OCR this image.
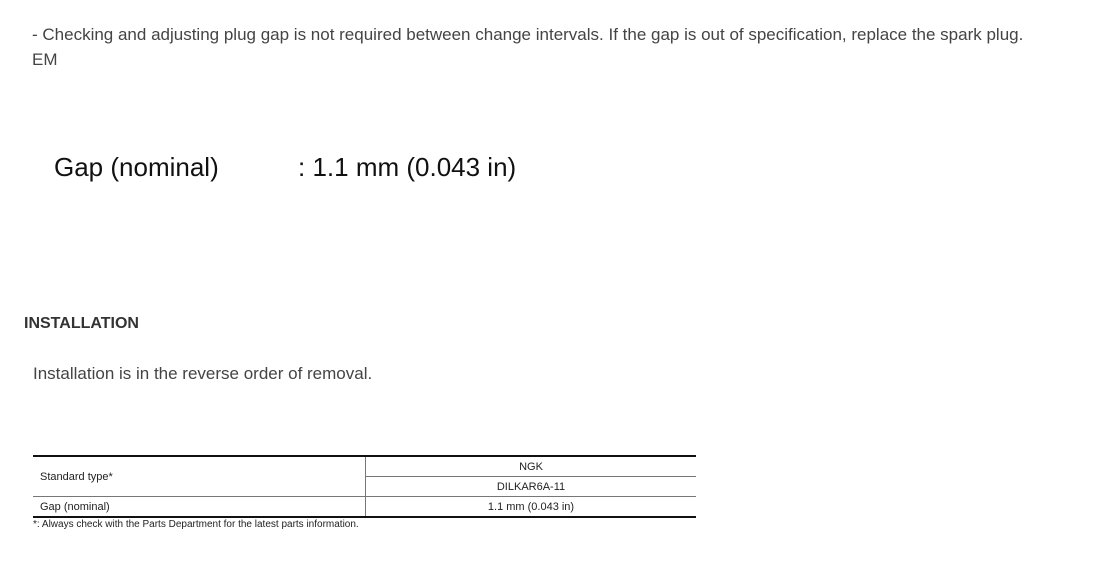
- Checking and adjusting plug gap is not required between change intervals. If the gap is out of specification, replace the spark plug.
EM
Gap (nominal)	: 1.1 mm (0.043 in)
INSTALLATION
Installation is in the reverse order of removal.
Standard type*	NGK
	DILKAR6A-11
Gap (nominal)	1.1 mm (0.043 in)
*: Always check with the Parts Department for the latest parts information.
